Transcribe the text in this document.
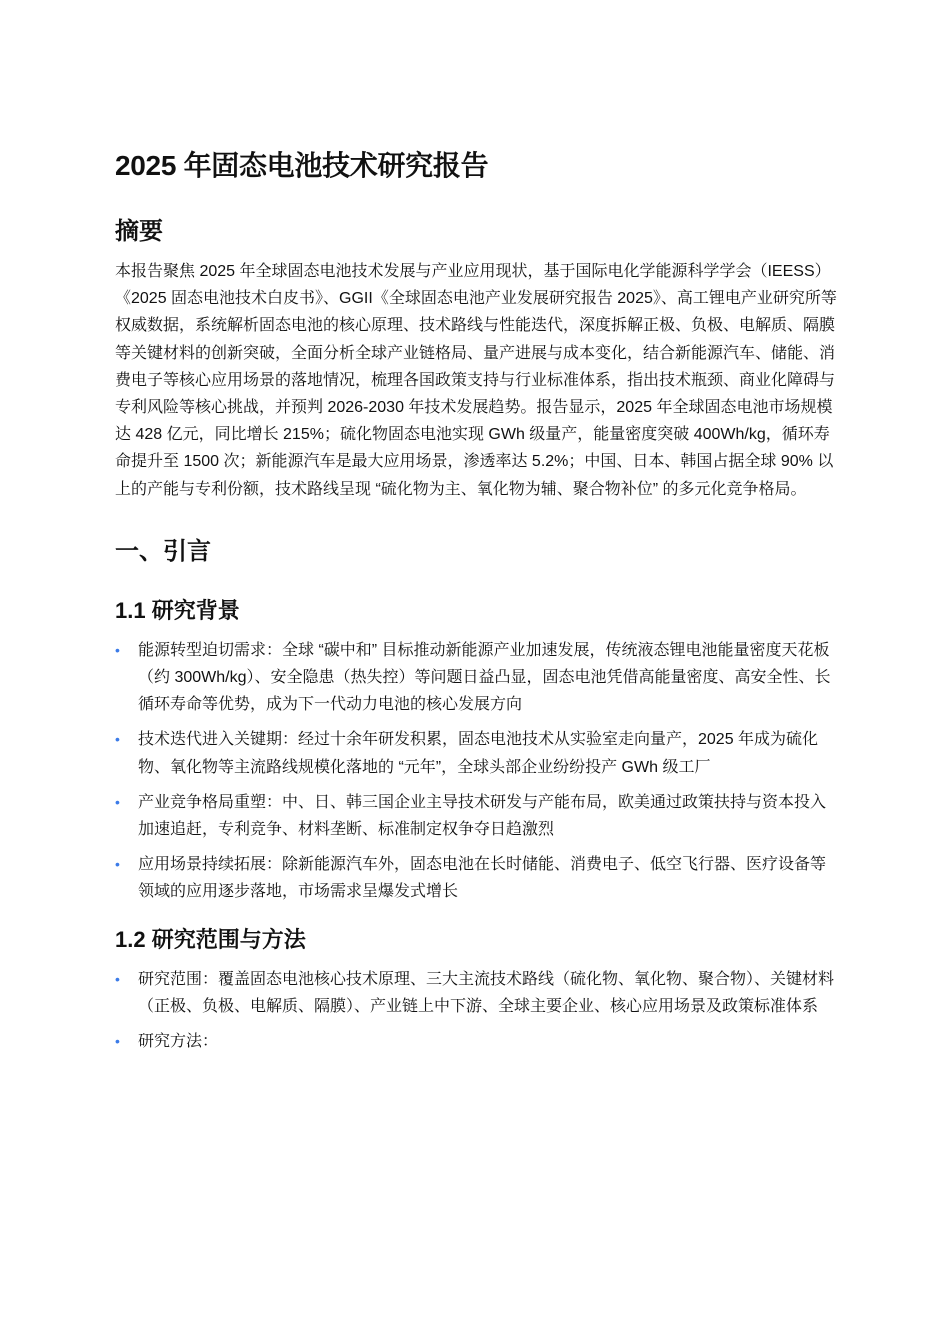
2025 年固态电池技术研究报告
摘要

本报告聚焦 2025 年全球固态电池技术发展与产业应用现状，基于国际电化学能源科学学会（IEESS）《2025 固态电池技术白皮书》、GGII《全球固态电池产业发展研究报告 2025》、高工锂电产业研究所等权威数据，系统解析固态电池的核心原理、技术路线与性能迭代，深度拆解正极、负极、电解质、隔膜等关键材料的创新突破，全面分析全球产业链格局、量产进展与成本变化，结合新能源汽车、储能、消费电子等核心应用场景的落地情况，梳理各国政策支持与行业标准体系，指出技术瓶颈、商业化障碍与专利风险等核心挑战，并预判 2026-2030 年技术发展趋势。报告显示，2025 年全球固态电池市场规模达 428 亿元，同比增长 215%；硫化物固态电池实现 GWh 级量产，能量密度突破 400Wh/kg，循环寿命提升至 1500 次；新能源汽车是最大应用场景，渗透率达 5.2%；中国、日本、韩国占据全球 90% 以上的产能与专利份额，技术路线呈现 “硫化物为主、氧化物为辅、聚合物补位” 的多元化竞争格局。

一、引言
1.1 研究背景
• 能源转型迫切需求：全球 “碳中和” 目标推动新能源产业加速发展，传统液态锂电池能量密度天花板（约 300Wh/kg）、安全隐患（热失控）等问题日益凸显，固态电池凭借高能量密度、高安全性、长循环寿命等优势，成为下一代动力电池的核心发展方向
• 技术迭代进入关键期：经过十余年研发积累，固态电池技术从实验室走向量产，2025 年成为硫化物、氧化物等主流路线规模化落地的 “元年”，全球头部企业纷纷投产 GWh 级工厂
• 产业竞争格局重塑：中、日、韩三国企业主导技术研发与产能布局，欧美通过政策扶持与资本投入加速追赶，专利竞争、材料垄断、标准制定权争夺日趋激烈
• 应用场景持续拓展：除新能源汽车外，固态电池在长时储能、消费电子、低空飞行器、医疗设备等领域的应用逐步落地，市场需求呈爆发式增长
1.2 研究范围与方法
• 研究范围：覆盖固态电池核心技术原理、三大主流技术路线（硫化物、氧化物、聚合物）、关键材料（正极、负极、电解质、隔膜）、产业链上中下游、全球主要企业、核心应用场景及政策标准体系
• 研究方法：
